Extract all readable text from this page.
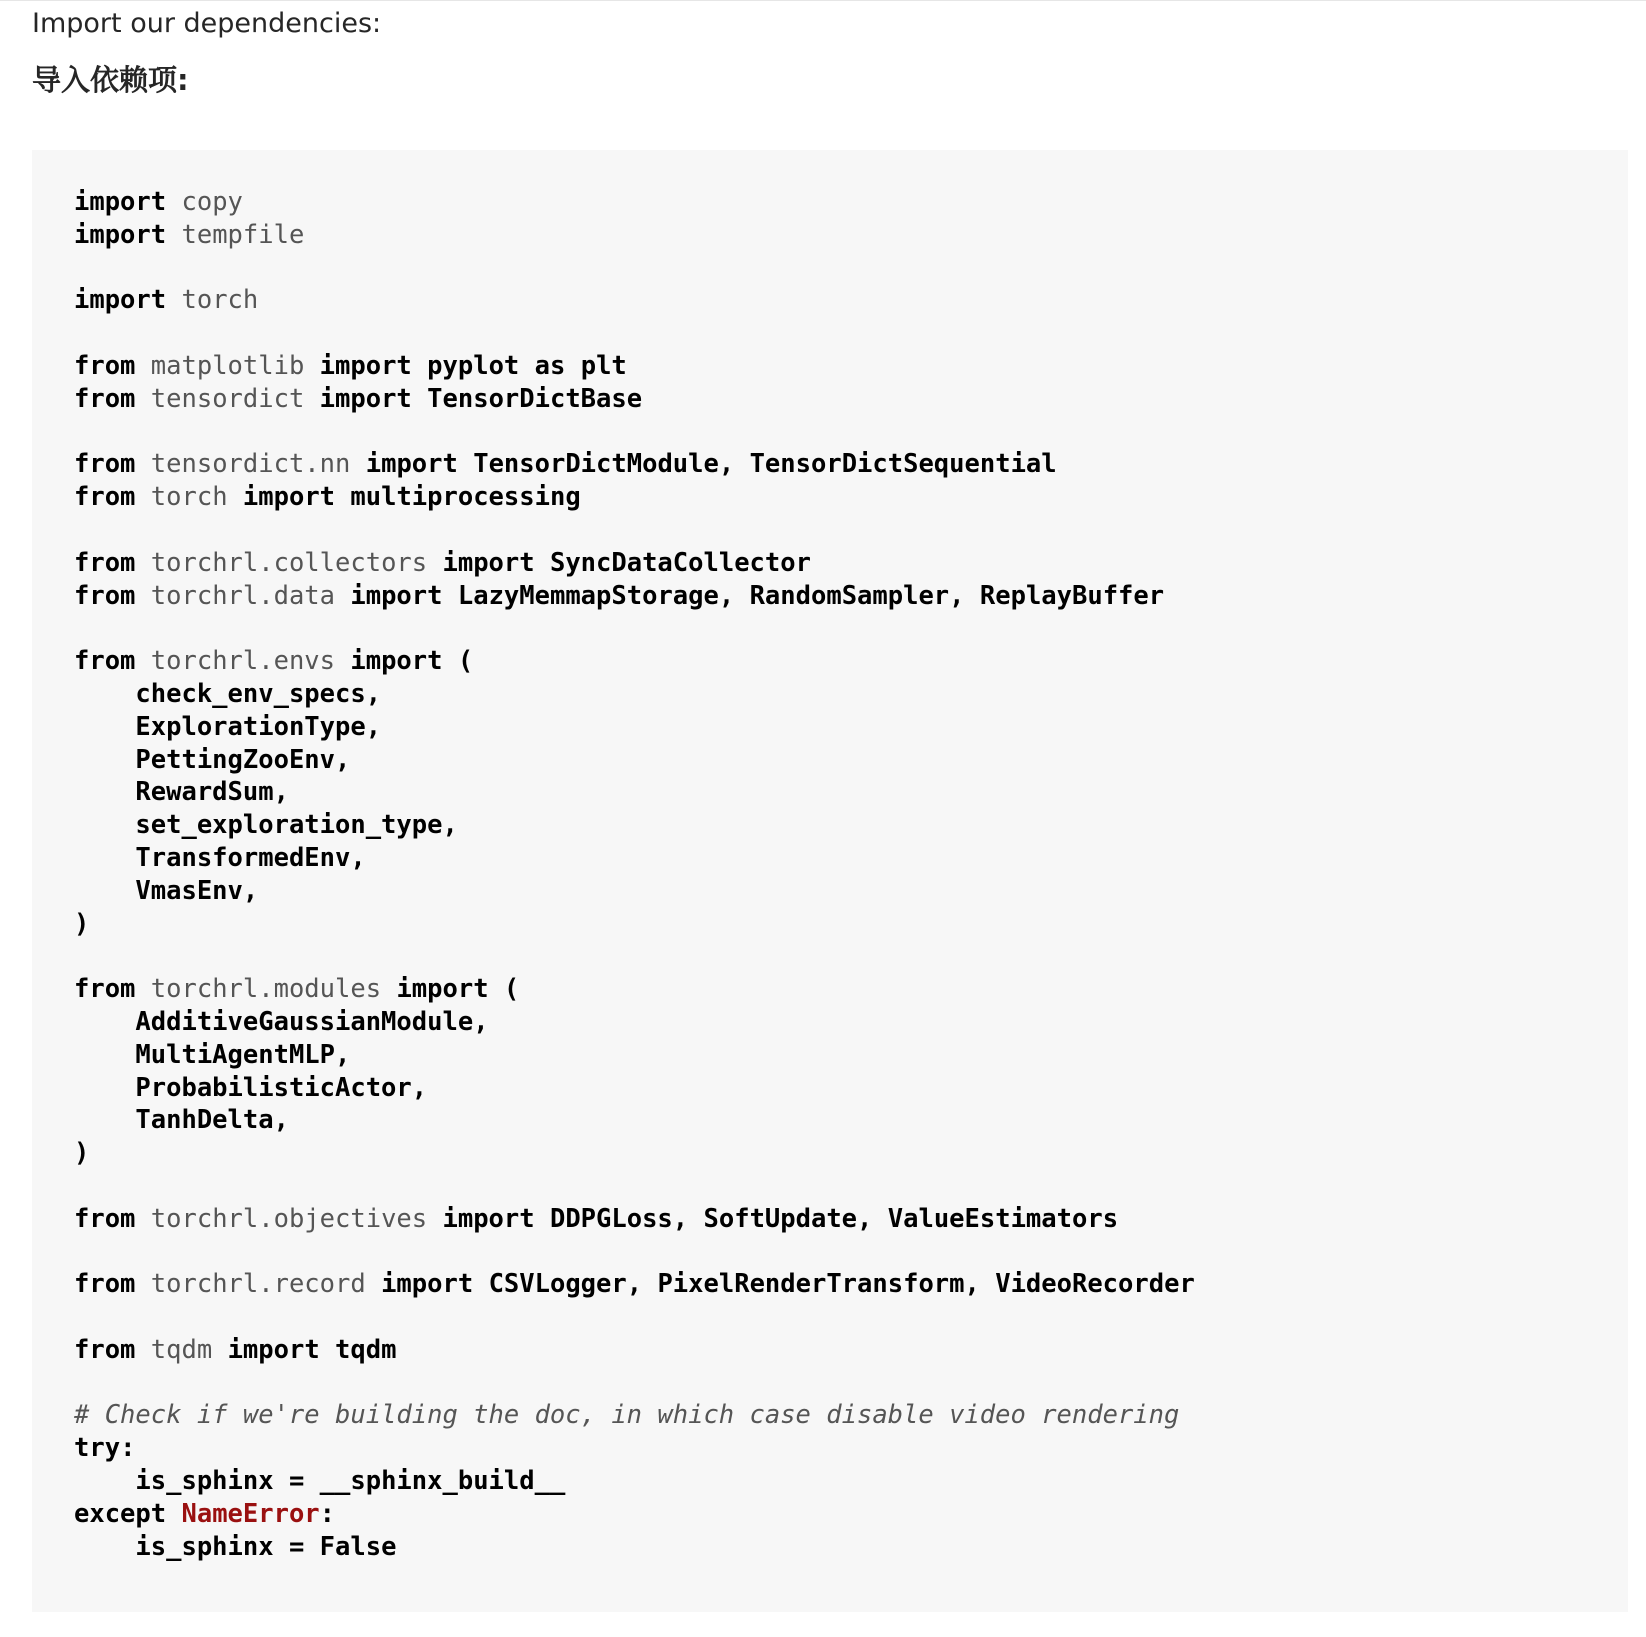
Import our dependencies:
导入依赖项:
import copy
import tempfile
import torch
from matplotlib import pyplot as plt
from tensordict import TensorDictBase
from tensordict.nn import TensorDictModule, TensorDictSequential
from torch import multiprocessing
from torchrl.collectors import SyncDataCollector
from torchrl.data import LazyMemmapStorage, RandomSampler, ReplayBuffer
from torchrl.envs import (
check_env_specs,
ExplorationType,
PettingZooEnv,
RewardSum,
set_exploration_type,
TransformedEnv,
VmasEnv,
)
from torchrl.modules import (
AdditiveGaussianModule,
MultiAgentMLP,
ProbabilisticActor,
TanhDelta,
)
from torchrl.objectives import DDPGLoss, SoftUpdate, ValueEstimators
from torchrl.record import CSVLogger, PixelRenderTransform, VideoRecorder
from tqdm import tqdm
# Check if we're building the doc, in which case disable video rendering
try:
is_sphinx = __sphinx_build__
except NameError:
is_sphinx = False
